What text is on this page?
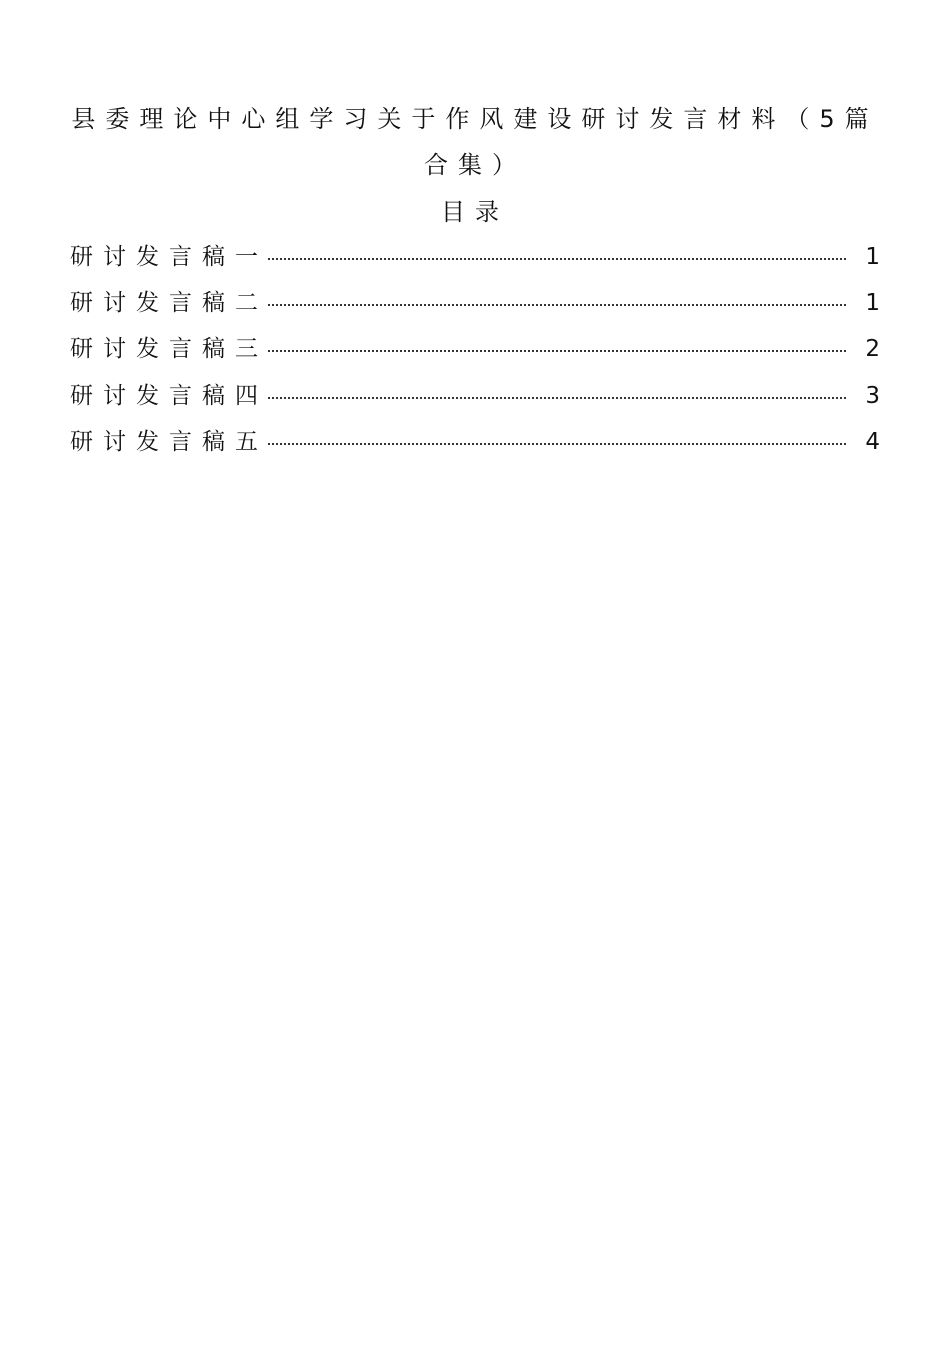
县委理论中心组学习关于作风建设研讨发言材料（5篇
合集）
目录
研讨发言稿一	1
研讨发言稿二	1
研讨发言稿三	2
研讨发言稿四	3
研讨发言稿五	4
